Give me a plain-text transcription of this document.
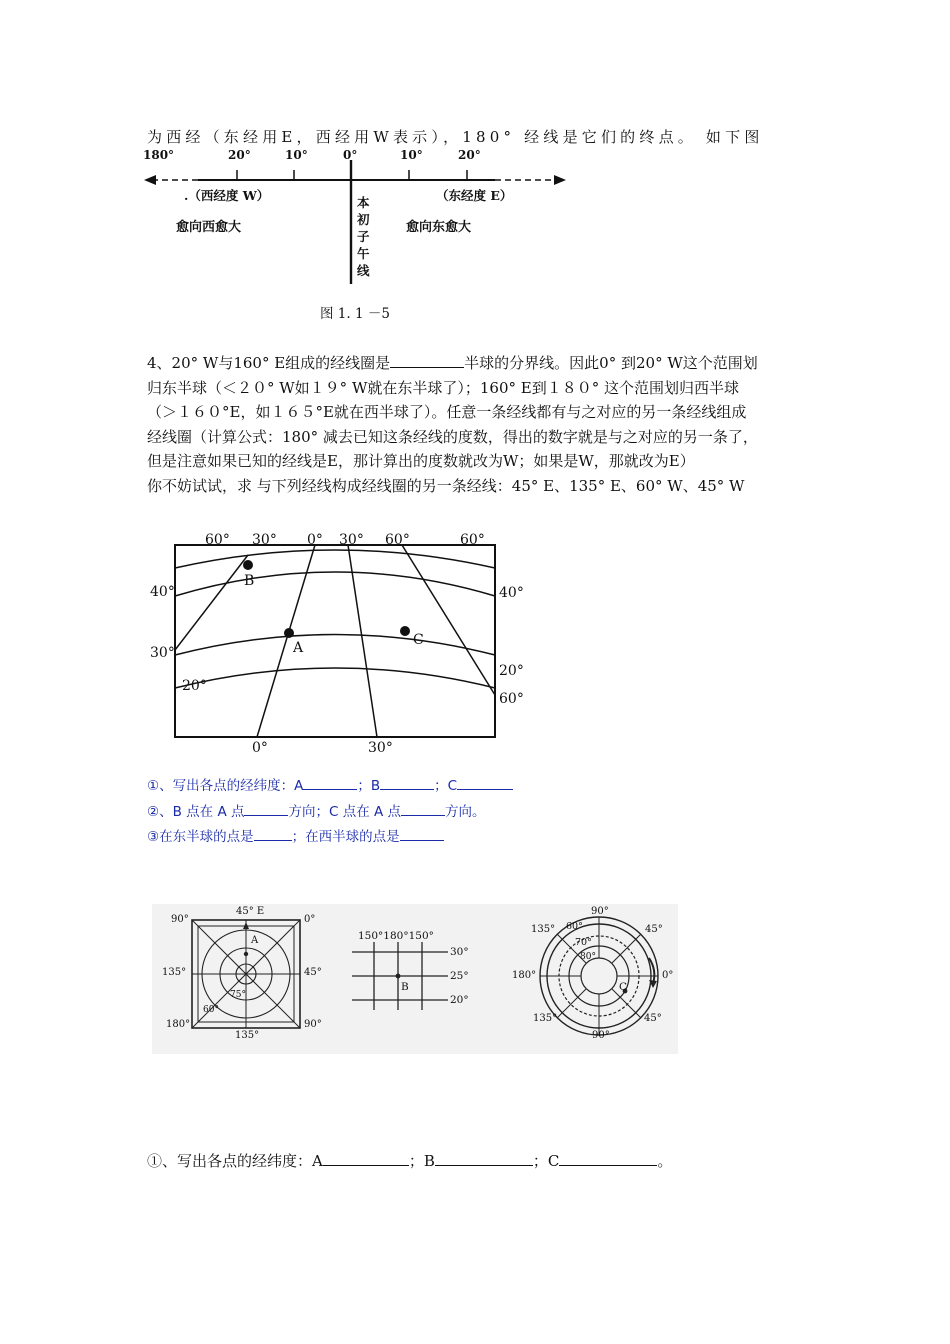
为西经（东经用E，西经用W表示），180° 经线是它们的终点。 如下图
180°	20°	10°	0°	10°	20°
.（西经度 W）
愈向西愈大
（东经度 E）
愈向东愈大
本
初
子
午
线
图 1. 1 －5
4、20° W与160° E组成的经线圈是	半球的分界线。因此0° 到20° W这个范围划
归东半球（＜２０° W如１９° W就在东半球了）；160° E到１８０° 这个范围划归西半球
（＞１６０°E，如１６５°E就在西半球了）。任意一条经线都有与之对应的另一条经线组成
经线圈（计算公式：180° 减去已知这条经线的度数，得出的数字就是与之对应的另一条了，
但是注意如果已知的经线是E，那计算出的度数就改为W；如果是W，那就改为E）
你不妨试试，求 与下列经线构成经线圈的另一条经线：45° E、135° E、60° W、45° W
60° 30° 0° 30° 60°	60°
40°
30°
20°
40°
20°
60°
0°	30°
B
A	C
①、写出各点的经纬度：A	；B	；C
②、B 点在 A 点	方向；C 点在 A 点	方向。
③在东半球的点是	；在西半球的点是
90°
45° E
0°
135°	45°
180°
135°
90°
60°
75°
A	150°180°150°
30°
25°
20°
B
90°
135° 60°	45°
70°
80°
180°	0°
135°	45°
90°
C
①、写出各点的经纬度：A	；B	；C	。
